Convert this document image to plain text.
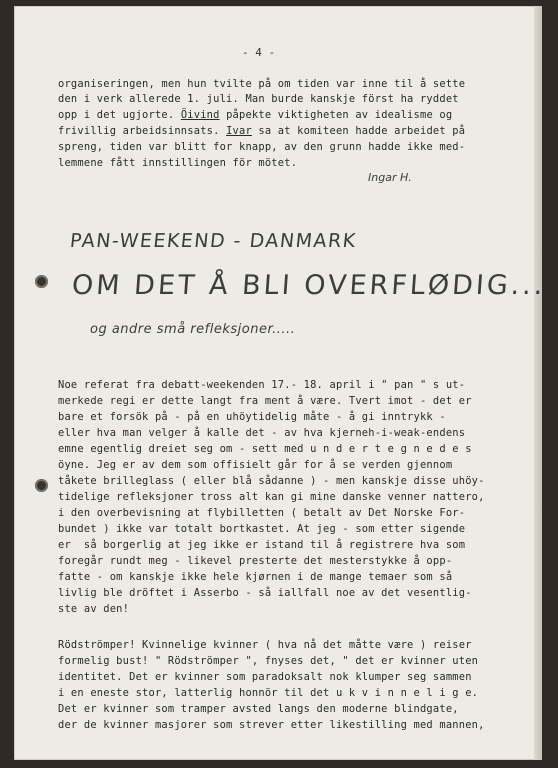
- 4 -
organiseringen, men hun tvilte på om tiden var inne til å sette
den i verk allerede 1. juli. Man burde kanskje först ha ryddet
opp i det ugjorte. Öivind påpekte viktigheten av idealisme og
frivillig arbeidsinnsats. Ivar sa at komiteen hadde arbeidet på
spreng, tiden var blitt for knapp, av den grunn hadde ikke med-
lemmene fått innstillingen för mötet.
Ingar H.
PAN-WEEKEND - DANMARK
OM DET Å BLI OVERFLØDIG...
og andre små refleksjoner.....
Noe referat fra debatt-weekenden 17.- 18. april i " pan " s ut-
merkede regi er dette langt fra ment å være. Tvert imot - det er
bare et forsök på - på en uhöytidelig måte - å gi inntrykk -
eller hva man velger å kalle det - av hva kjerneh-i-weak-endens
emne egentlig dreiet seg om - sett med u n d e r t e g n e d e s
öyne. Jeg er av dem som offisielt går for å se verden gjennom
tåkete brilleglass ( eller blå sådanne ) - men kanskje disse uhöy-
tidelige refleksjoner tross alt kan gi mine danske venner nattero,
i den overbevisning at flybilletten ( betalt av Det Norske For-
bundet ) ikke var totalt bortkastet. At jeg - som etter sigende
er  så borgerlig at jeg ikke er istand til å registrere hva som
foregår rundt meg - likevel presterte det mesterstykke å opp-
fatte - om kanskje ikke hele kjørnen i de mange temaer som så
livlig ble dröftet i Asserbo - så iallfall noe av det vesentlig-
ste av den!
Rödströmper! Kvinnelige kvinner ( hva nå det måtte være ) reiser
formelig bust! " Rödströmper ", fnyses det, " det er kvinner uten
identitet. Det er kvinner som paradoksalt nok klumper seg sammen
i en eneste stor, latterlig honnör til det u k v i n n e l i g e.
Det er kvinner som tramper avsted langs den moderne blindgate,
der de kvinner masjorer som strever etter likestilling med mannen,
